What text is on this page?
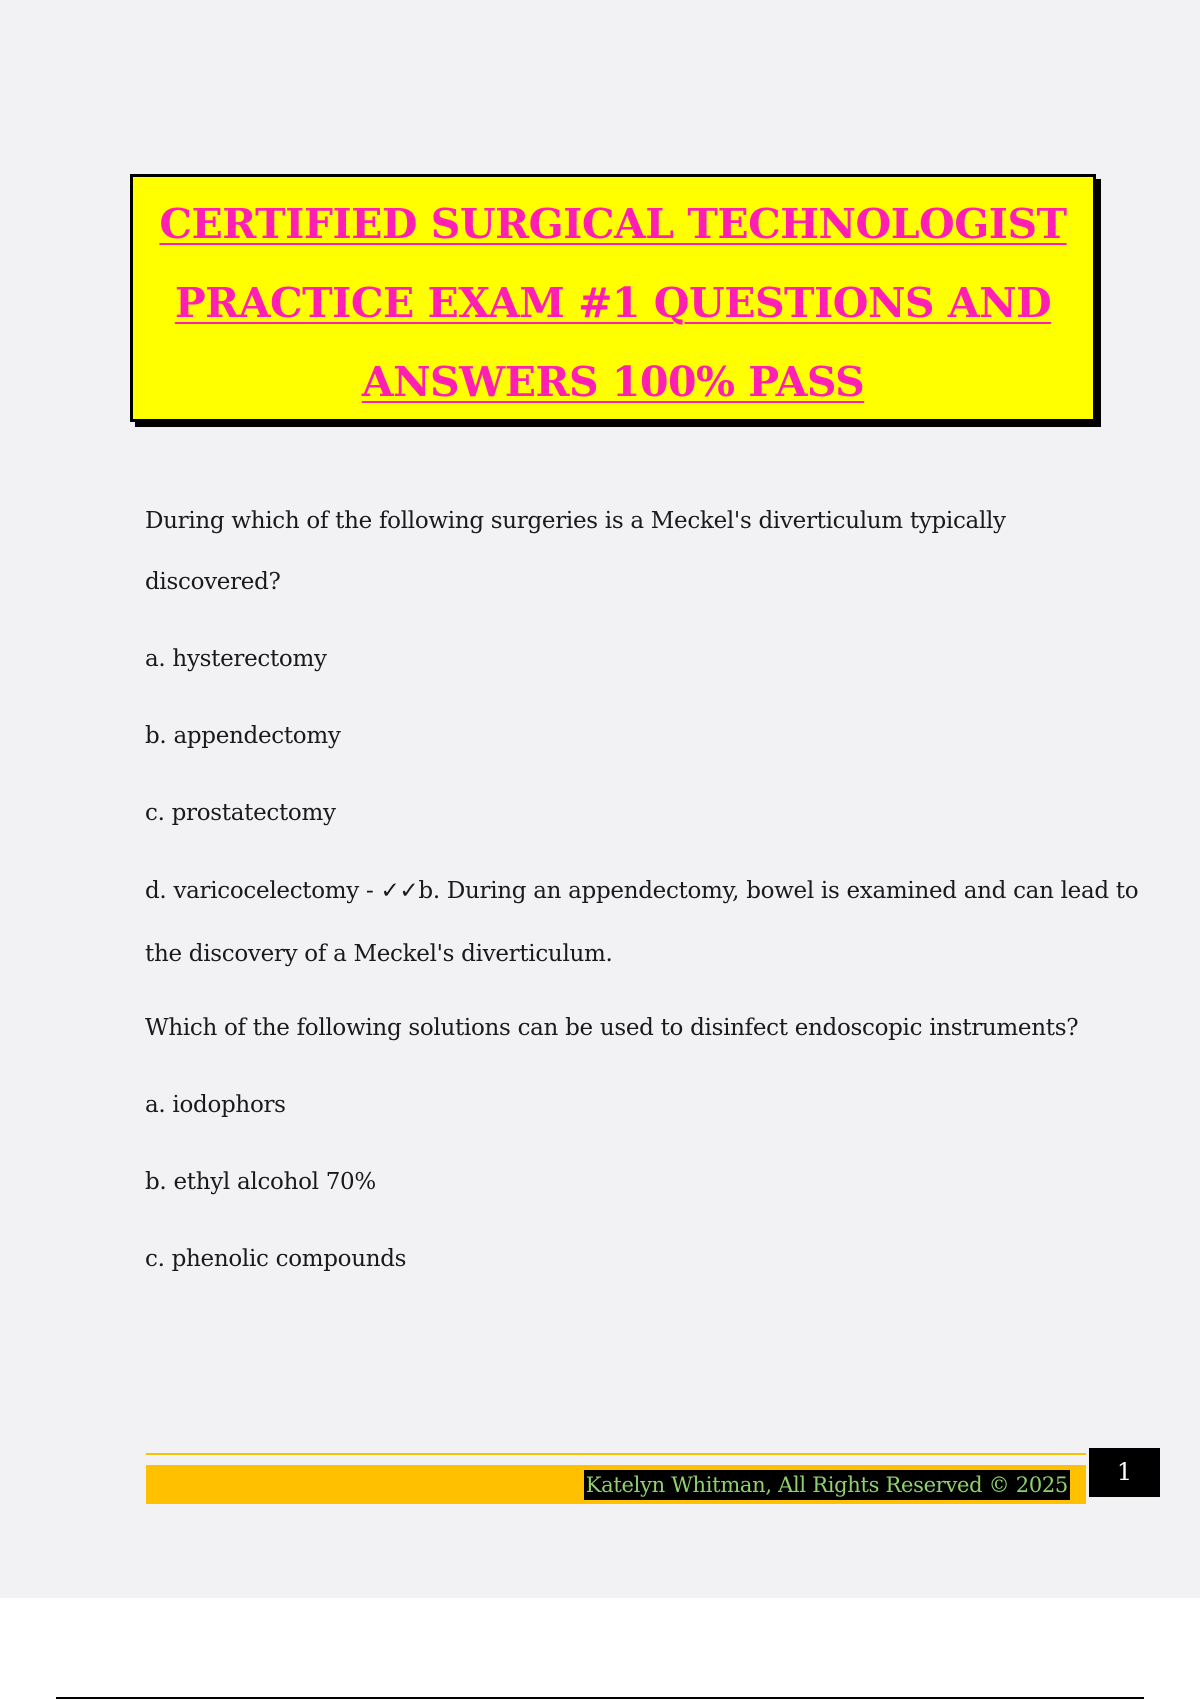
CERTIFIED SURGICAL TECHNOLOGIST
PRACTICE EXAM #1 QUESTIONS AND
ANSWERS 100% PASS
During which of the following surgeries is a Meckel's diverticulum typically
discovered?
a. hysterectomy
b. appendectomy
c. prostatectomy
d. varicocelectomy - ✓✓b. During an appendectomy, bowel is examined and can lead to
the discovery of a Meckel's diverticulum.
Which of the following solutions can be used to disinfect endoscopic instruments?
a. iodophors
b. ethyl alcohol 70%
c. phenolic compounds
Katelyn Whitman, All Rights Reserved © 2025	1
